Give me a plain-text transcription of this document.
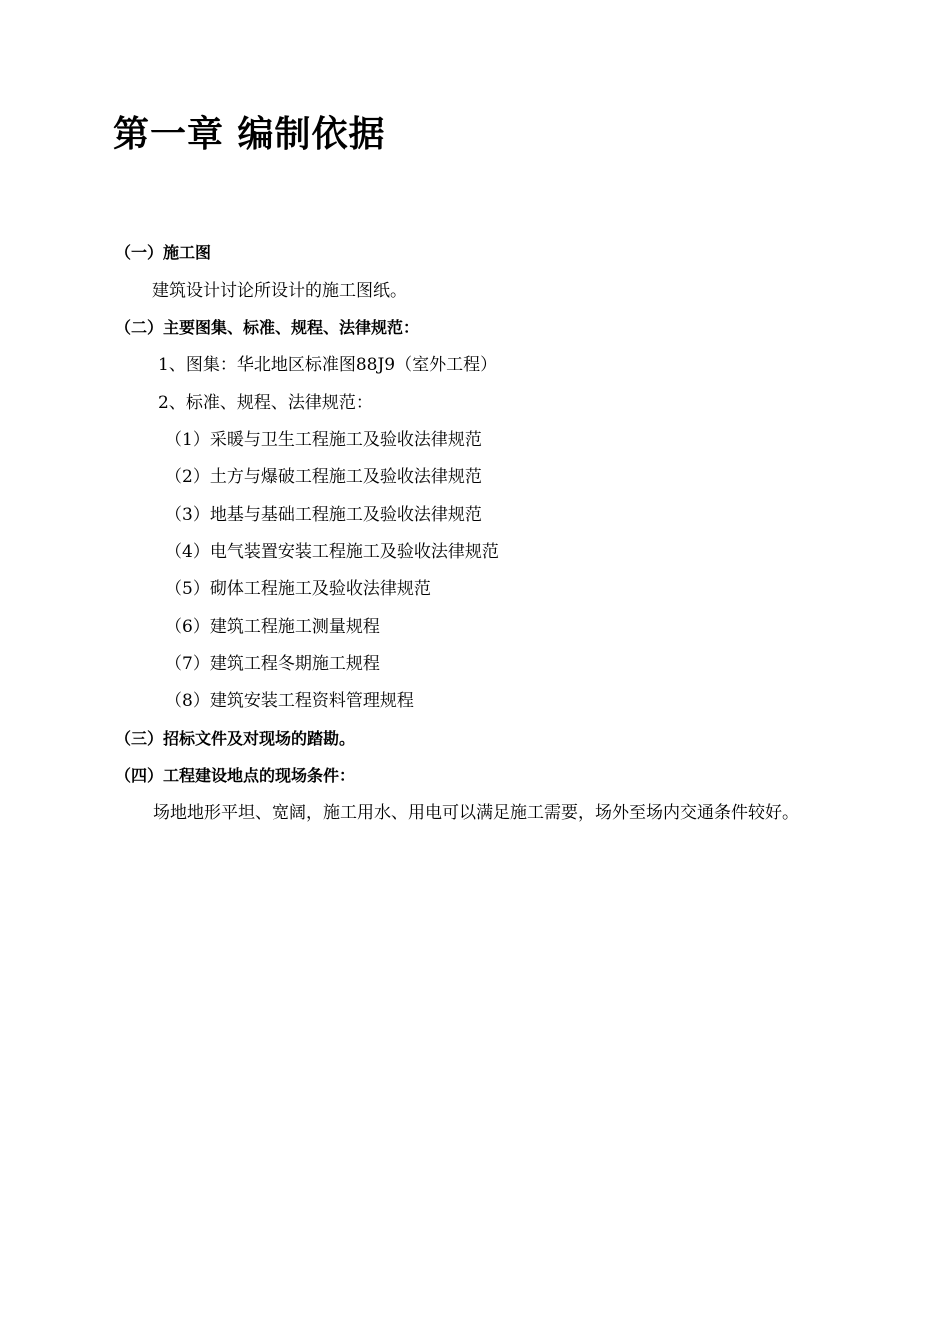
第一章 编制依据
（一）施工图
建筑设计讨论所设计的施工图纸。
（二）主要图集、标准、规程、法律规范：
1、图集：华北地区标准图88J9（室外工程）
2、标准、规程、法律规范：
（1）采暖与卫生工程施工及验收法律规范
（2）土方与爆破工程施工及验收法律规范
（3）地基与基础工程施工及验收法律规范
（4）电气装置安装工程施工及验收法律规范
（5）砌体工程施工及验收法律规范
（6）建筑工程施工测量规程
（7）建筑工程冬期施工规程
（8）建筑安装工程资料管理规程
（三）招标文件及对现场的踏勘。
（四）工程建设地点的现场条件：

场地地形平坦、宽阔，施工用水、用电可以满足施工需要，场外至场内交通条件较好。
